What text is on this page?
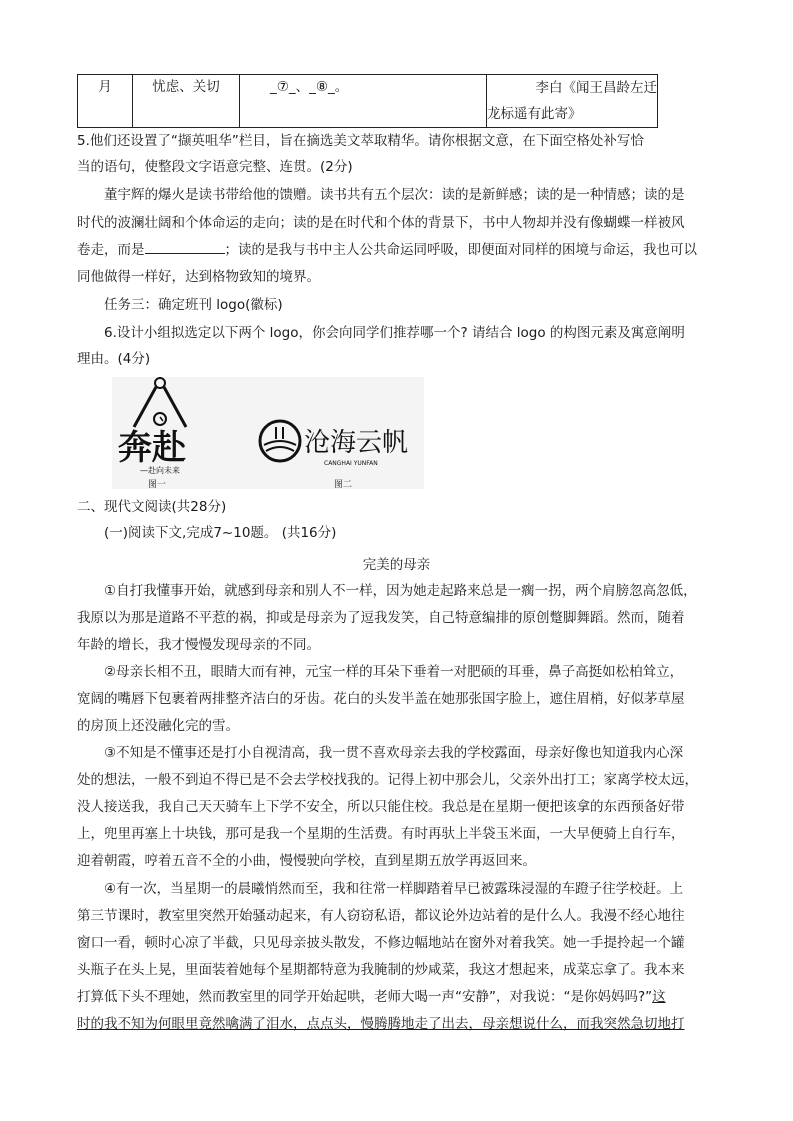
月	忧虑、关切	_⑦_、_⑧_。	李白《闻王昌龄左迁
龙标遥有此寄》
5.他们还设置了“撷英咀华”栏目，旨在摘选美文萃取精华。请你根据文意，在下面空格处补写恰
当的语句，使整段文字语意完整、连贯。(2分)
董宇辉的爆火是读书带给他的馈赠。读书共有五个层次：读的是新鲜感；读的是一种情感；读的是
时代的波澜壮阔和个体命运的走向；读的是在时代和个体的背景下，书中人物却并没有像蝴蝶一样被风
卷走，而是	；读的是我与书中主人公共命运同呼吸，即便面对同样的困境与命运，我也可以
同他做得一样好，达到格物致知的境界。
任务三：确定班刊 logo(徽标)
6.设计小组拟选定以下两个 logo，你会向同学们推荐哪一个? 请结合 logo 的构图元素及寓意阐明
理由。(4分)
奔赴
—赴向未来
图一
沧海云帆
CANGHAI YUNFAN
图二
二、现代文阅读(共28分)
(一)阅读下文,完成7~10题。 (共16分)
完美的母亲
①自打我懂事开始，就感到母亲和别人不一样，因为她走起路来总是一瘸一拐，两个肩膀忽高忽低，
我原以为那是道路不平惹的祸，抑或是母亲为了逗我发笑，自己特意编排的原创蹩脚舞蹈。然而，随着
年龄的增长，我才慢慢发现母亲的不同。
②母亲长相不丑，眼睛大而有神，元宝一样的耳朵下垂着一对肥硕的耳垂，鼻子高挺如松柏耸立，
宽阔的嘴唇下包裹着两排整齐洁白的牙齿。花白的头发半盖在她那张国字脸上，遮住眉梢，好似茅草屋
的房顶上还没融化完的雪。
③不知是不懂事还是打小自视清高，我一贯不喜欢母亲去我的学校露面，母亲好像也知道我内心深
处的想法，一般不到迫不得已是不会去学校找我的。记得上初中那会儿，父亲外出打工；家离学校太远，
没人接送我，我自己天天骑车上下学不安全，所以只能住校。我总是在星期一便把该拿的东西预备好带
上，兜里再塞上十块钱，那可是我一个星期的生活费。有时再驮上半袋玉米面，一大早便骑上自行车，
迎着朝霞，哼着五音不全的小曲，慢慢驶向学校，直到星期五放学再返回来。
④有一次，当星期一的晨曦悄然而至，我和往常一样脚踏着早已被露珠浸湿的车蹬子往学校赶。上
第三节课时，教室里突然开始骚动起来，有人窃窃私语，都议论外边站着的是什么人。我漫不经心地往
窗口一看，顿时心凉了半截，只见母亲披头散发，不修边幅地站在窗外对着我笑。她一手提拎起一个罐
头瓶子在头上晃，里面装着她每个星期都特意为我腌制的炒咸菜，我这才想起来，成菜忘拿了。我本来
打算低下头不理她，然而教室里的同学开始起哄，老师大喝一声“安静”，对我说：“是你妈妈吗?”这
时的我不知为何眼里竟然噙满了泪水，点点头，慢腾腾地走了出去，母亲想说什么，而我突然急切地打
